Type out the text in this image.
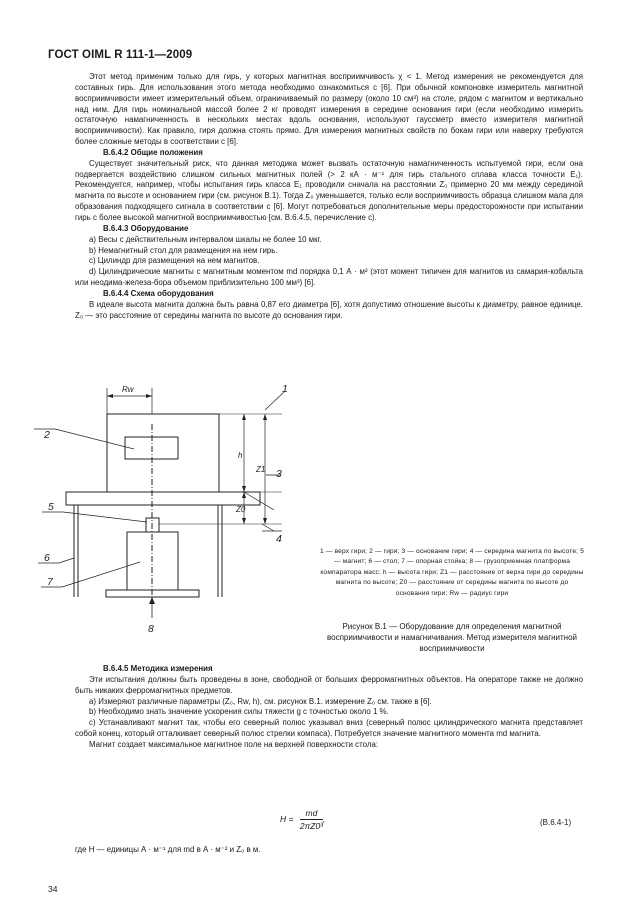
ГОСТ OIML R 111-1—2009

Этот метод применим только для гирь, у которых магнитная восприимчивость χ < 1. Метод измерения не рекомендуется для составных гирь. Для использования этого метода необходимо ознакомиться с [6]. При обычной компоновке измеритель магнитной восприимчивости имеет измерительный объем, ограничиваемый по размеру (около 10 см³) на столе, рядом с магнитом и вертикально над ним. Для гирь номинальной массой более 2 кг проводят измерения в середине основания гири (если необходимо измерить остаточную намагниченность в нескольких местах вдоль основания, используют гауссметр вместо измерителя магнитной восприимчивости). Как правило, гиря должна стоять прямо. Для измерения магнитных свойств по бокам гири или наверху требуются более сложные методы в соответствии с [6].

B.6.4.2 Общие положения

Существует значительный риск, что данная методика может вызвать остаточную намагниченность испытуемой гири, если она подвергается воздействию слишком сильных магнитных полей (> 2 кА · м⁻¹ для гирь стального сплава класса точности E₁). Рекомендуется, например, чтобы испытания гирь класса E₁ проводили сначала на расстоянии Z₀ примерно 20 мм между серединой магнита по высоте и основанием гири (см. рисунок B.1). Тогда Z₀ уменьшается, только если восприимчивость образца слишком мала для образования подходящего сигнала в соответствии с [6]. Могут потребоваться дополнительные меры предосторожности при испытании гирь с более высокой магнитной восприимчивостью [см. B.6.4.5, перечисление c).

B.6.4.3 Оборудование

a) Весы с действительным интервалом шкалы не более 10 мкг.

b) Немагнитный стол для размещения на нем гирь.

c) Цилиндр для размещения на нем магнитов.

d) Цилиндрические магниты с магнитным моментом md порядка 0,1 А · м² (этот момент типичен для магнитов из самария-кобальта или неодима-железа-бора объемом приблизительно 100 мм³) [6].

B.6.4.4 Схема оборудования

В идеале высота магнита должна быть равна 0,87 его диаметра [6], хотя допустимо отношение высоты к диаметру, равное единице. Z₀ — это расстояние от середины магнита по высоте до основания гири.

Rw
h
Z1
Z0
1
2
3
4
5
6
7
8
1 — верх гири; 2 — гиря; 3 — основание гири; 4 — середина магнита по высоте; 5 — магнит; 6 — стол; 7 — опорная стойка; 8 — грузоприемная платформа компаратора масс; h — высота гири; Z1 — расстояние от верха гири до середины магнита по высоте; Z0 — расстояние от середины магнита по высоте до основания гири; Rw — радиус гири
Рисунок B.1 — Оборудование для определения магнитной восприимчивости и намагничивания. Метод измерителя магнитной восприимчивости

B.6.4.5 Методика измерения

Эти испытания должны быть проведены в зоне, свободной от больших ферромагнитных объектов. На операторе также не должно быть никаких ферромагнитных предметов.

a) Измеряют различные параметры (Z₀, Rw, h), см. рисунок B.1. измерение Z₀ см. также в [6].

b) Необходимо знать значение ускорения силы тяжести g с точностью около 1 %.

c) Устанавливают магнит так, чтобы его северный полюс указывал вниз (северный полюс цилиндрического магнита представляет собой конец, который отталкивает северный полюс стрелки компаса). Потребуется значение магнитного момента md магнита.

Магнит создает максимальное магнитное поле на верхней поверхности стола:

$H = \frac{md}{\text{2πZ0³}}$ ,	(B.6.4-1)
где H — единицы А · м⁻¹ для md в А · м⁻² и Z₀ в м.
34
